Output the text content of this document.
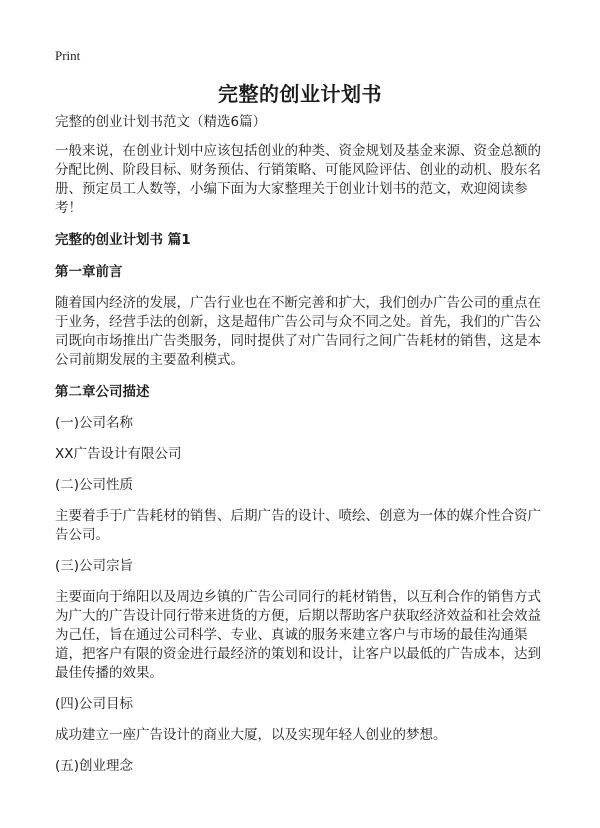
Print
完整的创业计划书

完整的创业计划书范文（精选6篇）

一般来说，在创业计划中应该包括创业的种类、资金规划及基金来源、资金总额的分配比例、阶段目标、财务预估、行销策略、可能风险评估、创业的动机、股东名册、预定员工人数等，小编下面为大家整理关于创业计划书的范文，欢迎阅读参考！

完整的创业计划书 篇1

第一章前言

随着国内经济的发展，广告行业也在不断完善和扩大，我们创办广告公司的重点在于业务，经营手法的创新，这是超伟广告公司与众不同之处。首先，我们的广告公司既向市场推出广告类服务，同时提供了对广告同行之间广告耗材的销售，这是本公司前期发展的主要盈利模式。

第二章公司描述

(一)公司名称

XX广告设计有限公司

(二)公司性质

主要着手于广告耗材的销售、后期广告的设计、喷绘、创意为一体的媒介性合资广告公司。

(三)公司宗旨

主要面向于绵阳以及周边乡镇的广告公司同行的耗材销售，以互利合作的销售方式为广大的广告设计同行带来进货的方便，后期以帮助客户获取经济效益和社会效益为己任，旨在通过公司科学、专业、真诚的服务来建立客户与市场的最佳沟通渠道，把客户有限的资金进行最经济的策划和设计，让客户以最低的广告成本，达到最佳传播的效果。

(四)公司目标

成功建立一座广告设计的商业大厦，以及实现年轻人创业的梦想。

(五)创业理念
